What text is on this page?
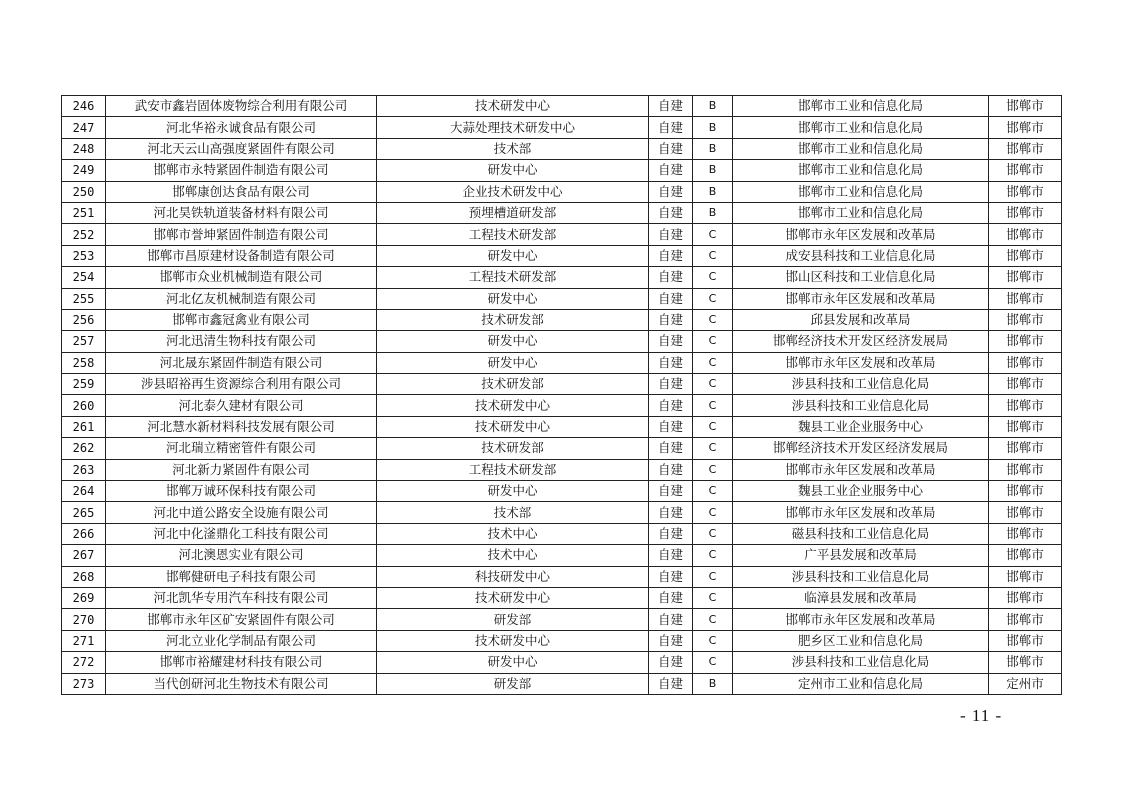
246	武安市鑫岩固体废物综合利用有限公司	技术研发中心	自建	B	邯郸市工业和信息化局	邯郸市
247	河北华裕永诚食品有限公司	大蒜处理技术研发中心	自建	B	邯郸市工业和信息化局	邯郸市
248	河北天云山高强度紧固件有限公司	技术部	自建	B	邯郸市工业和信息化局	邯郸市
249	邯郸市永特紧固件制造有限公司	研发中心	自建	B	邯郸市工业和信息化局	邯郸市
250	邯郸康创达食品有限公司	企业技术研发中心	自建	B	邯郸市工业和信息化局	邯郸市
251	河北昊铁轨道装备材料有限公司	预埋槽道研发部	自建	B	邯郸市工业和信息化局	邯郸市
252	邯郸市誉坤紧固件制造有限公司	工程技术研发部	自建	C	邯郸市永年区发展和改革局	邯郸市
253	邯郸市昌原建材设备制造有限公司	研发中心	自建	C	成安县科技和工业信息化局	邯郸市
254	邯郸市众业机械制造有限公司	工程技术研发部	自建	C	邯山区科技和工业信息化局	邯郸市
255	河北亿友机械制造有限公司	研发中心	自建	C	邯郸市永年区发展和改革局	邯郸市
256	邯郸市鑫冠禽业有限公司	技术研发部	自建	C	邱县发展和改革局	邯郸市
257	河北迅清生物科技有限公司	研发中心	自建	C	邯郸经济技术开发区经济发展局	邯郸市
258	河北晟东紧固件制造有限公司	研发中心	自建	C	邯郸市永年区发展和改革局	邯郸市
259	涉县昭裕再生资源综合利用有限公司	技术研发部	自建	C	涉县科技和工业信息化局	邯郸市
260	河北泰久建材有限公司	技术研发中心	自建	C	涉县科技和工业信息化局	邯郸市
261	河北慧水新材料科技发展有限公司	技术研发中心	自建	C	魏县工业企业服务中心	邯郸市
262	河北瑞立精密管件有限公司	技术研发部	自建	C	邯郸经济技术开发区经济发展局	邯郸市
263	河北新力紧固件有限公司	工程技术研发部	自建	C	邯郸市永年区发展和改革局	邯郸市
264	邯郸万诚环保科技有限公司	研发中心	自建	C	魏县工业企业服务中心	邯郸市
265	河北中道公路安全设施有限公司	技术部	自建	C	邯郸市永年区发展和改革局	邯郸市
266	河北中化滏鼎化工科技有限公司	技术中心	自建	C	磁县科技和工业信息化局	邯郸市
267	河北澳恩实业有限公司	技术中心	自建	C	广平县发展和改革局	邯郸市
268	邯郸健研电子科技有限公司	科技研发中心	自建	C	涉县科技和工业信息化局	邯郸市
269	河北凯华专用汽车科技有限公司	技术研发中心	自建	C	临漳县发展和改革局	邯郸市
270	邯郸市永年区矿安紧固件有限公司	研发部	自建	C	邯郸市永年区发展和改革局	邯郸市
271	河北立业化学制品有限公司	技术研发中心	自建	C	肥乡区工业和信息化局	邯郸市
272	邯郸市裕耀建材科技有限公司	研发中心	自建	C	涉县科技和工业信息化局	邯郸市
273	当代创研河北生物技术有限公司	研发部	自建	B	定州市工业和信息化局	定州市
- 11 -
